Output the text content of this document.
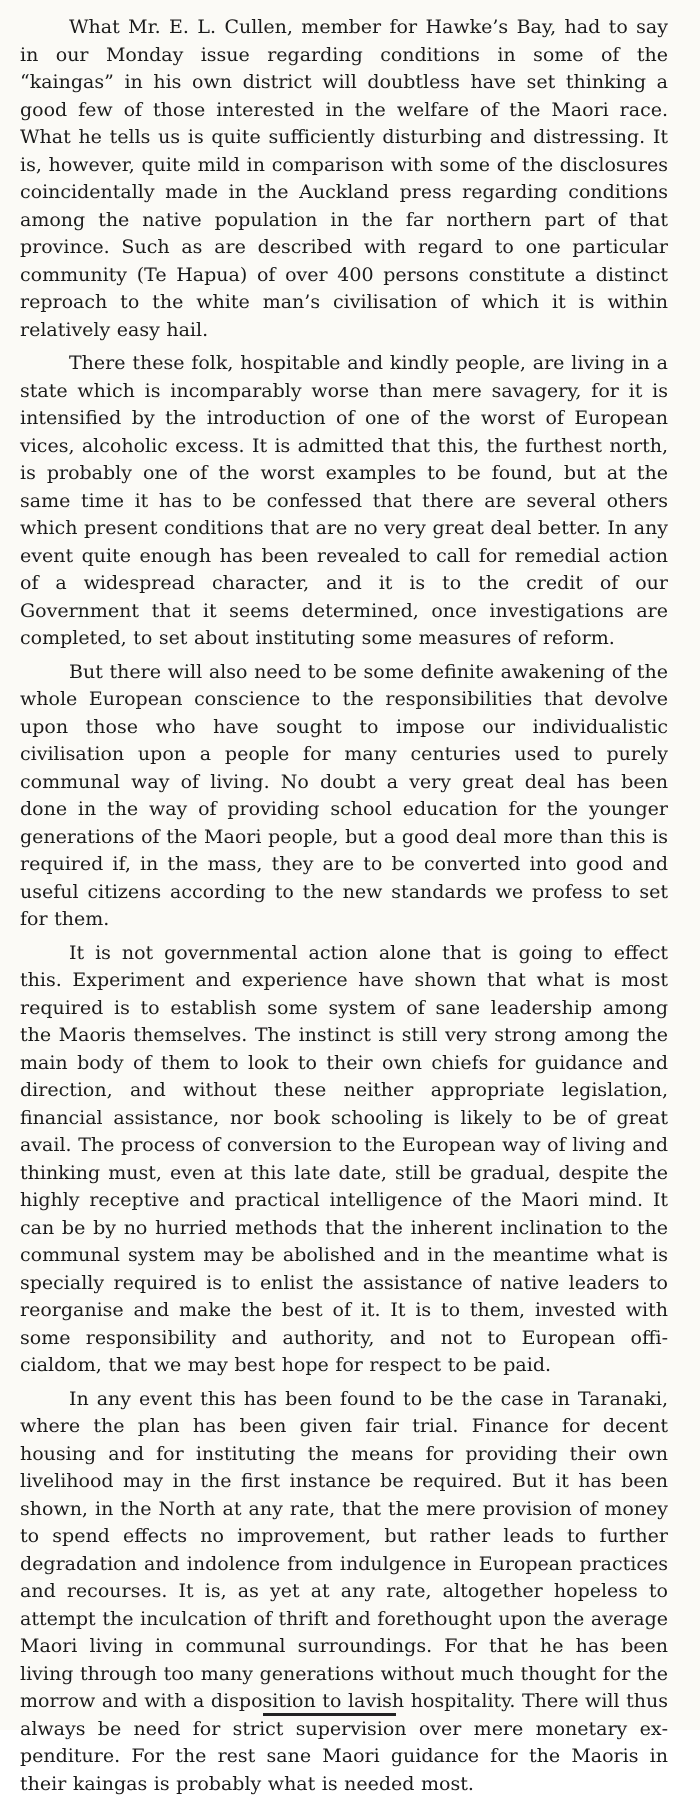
What Mr. E. L. Cullen, member for Hawke’s Bay, had to say in our Monday issue regarding conditions in some of the “kaingas” in his own district will doubtless have set thinking a good few of those interested in the welfare of the Maori race. What he tells us is quite sufficiently disturbing and distressing. It is, however, quite mild in comparison with some of the disclosures coincidentally made in the Auckland press regarding conditions among the native population in the far northern part of that province. Such as are described with regard to one particular community (Te Hapua) of over 400 persons constitute a distinct reproach to the white man’s civilisation of which it is within relatively easy hail.

There these folk, hospitable and kindly people, are living in a state which is incomparably worse than mere savagery, for it is intensified by the introduction of one of the worst of European vices, alcoholic excess. It is admitted that this, the furthest north, is probably one of the worst examples to be found, but at the same time it has to be confessed that there are several others which present conditions that are no very great deal better. In any event quite enough has been revealed to call for remedial action of a widespread character, and it is to the credit of our Government that it seems determined, once investigations are completed, to set about instituting some measures of reform.

But there will also need to be some definite awakening of the whole European conscience to the responsibilities that devolve upon those who have sought to impose our individualistic civilisation upon a people for many centuries used to purely communal way of living. No doubt a very great deal has been done in the way of providing school education for the younger generations of the Maori people, but a good deal more than this is required if, in the mass, they are to be converted into good and useful citizens according to the new standards we profess to set for them.

It is not governmental action alone that is going to effect this. Experiment and experience have shown that what is most required is to establish some system of sane leadership among the Maoris themselves. The instinct is still very strong among the main body of them to look to their own chiefs for guidance and direction, and without these neither appropriate legislation, financial assistance, nor book schooling is likely to be of great avail. The process of conversion to the European way of living and thinking must, even at this late date, still be gradual, despite the highly receptive and practical intelligence of the Maori mind. It can be by no hurried methods that the inherent inclination to the communal system may be abolished and in the meantime what is specially required is to enlist the assistance of native leaders to reorganise and make the best of it. It is to them, invested with some responsibility and authority, and not to European officialdom, that we may best hope for respect to be paid.

In any event this has been found to be the case in Taranaki, where the plan has been given fair trial. Finance for decent housing and for instituting the means for providing their own livelihood may in the first instance be required. But it has been shown, in the North at any rate, that the mere provision of money to spend effects no improvement, but rather leads to further degradation and indolence from indulgence in European practices and recourses. It is, as yet at any rate, altogether hopeless to attempt the inculcation of thrift and forethought upon the average Maori living in communal surroundings. For that he has been living through too many generations without much thought for the morrow and with a disposition to lavish hospitality. There will thus always be need for strict supervision over mere monetary expenditure. For the rest sane Maori guidance for the Maoris in their kaingas is probably what is needed most.
